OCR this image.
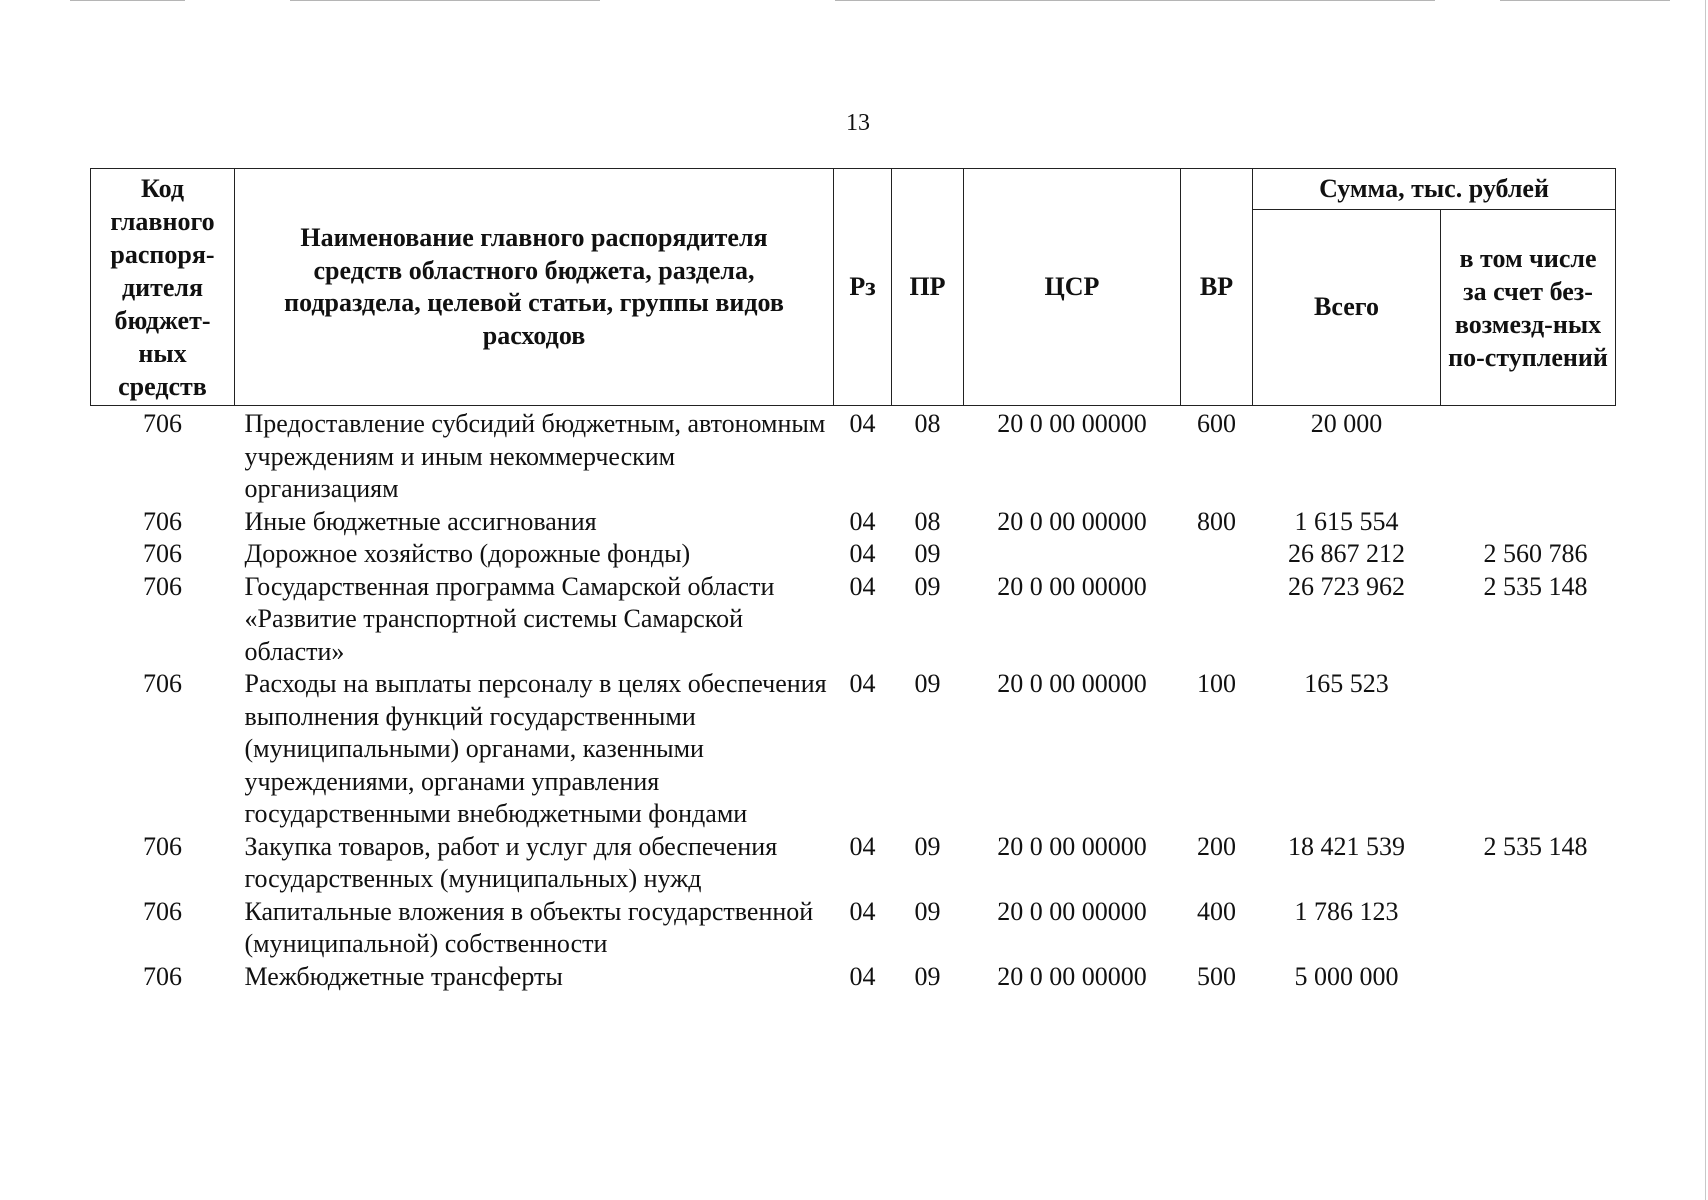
13
Код главного распоря-дителя бюджет-ных средств	Наименование главного распорядителя средств областного бюджета, раздела, подраздела, целевой статьи, группы видов расходов	Рз	ПР	ЦСР	ВР	Сумма, тыс. рублей	
						Всего	в том числе за счет без-возмезд-ных по-ступлений
706	Предоставление субсидий бюджетным, автономным учреждениям и иным некоммерческим организациям	04	08	20 0 00 00000	600	20 000	
706	Иные бюджетные ассигнования	04	08	20 0 00 00000	800	1 615 554	
706	Дорожное хозяйство (дорожные фонды)	04	09			26 867 212	2 560 786
706	Государственная программа Самарской области «Развитие транспортной системы Самарской области»	04	09	20 0 00 00000		26 723 962	2 535 148
706	Расходы на выплаты персоналу в целях обеспечения выполнения функций государственными (муниципальными) органами, казенными учреждениями, органами управления государственными внебюджетными фондами	04	09	20 0 00 00000	100	165 523	
706	Закупка товаров, работ и услуг для обеспечения государственных (муниципальных) нужд	04	09	20 0 00 00000	200	18 421 539	2 535 148
706	Капитальные вложения в объекты государственной (муниципальной) собственности	04	09	20 0 00 00000	400	1 786 123	
706	Межбюджетные трансферты	04	09	20 0 00 00000	500	5 000 000	
